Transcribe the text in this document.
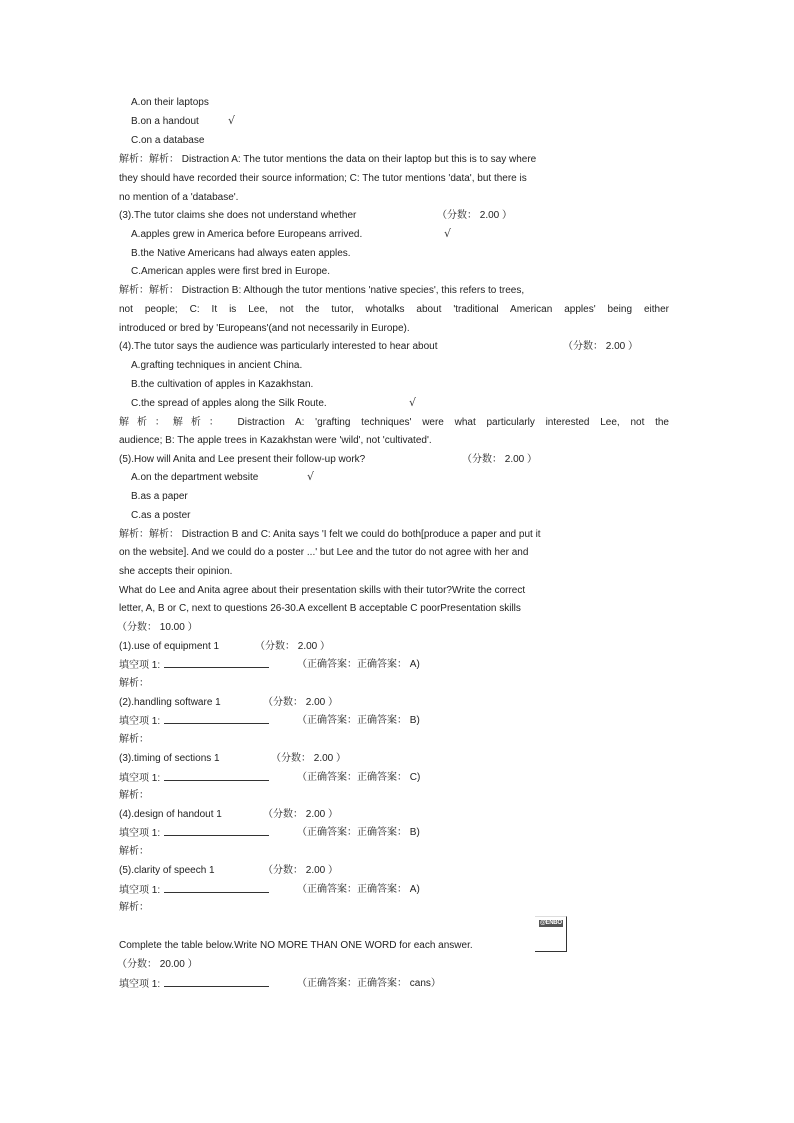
A.on their laptops
B.on a handout	√
C.on a database
解析：解析： Distraction A: The tutor mentions the data on their laptop but this is to say where
they should have recorded their source information; C: The tutor mentions 'data', but there is
no mention of a 'database'.
(3).The tutor claims she does not understand whether	（分数： 2.00 ）
A.apples grew in America before Europeans arrived.	√
B.the Native Americans had always eaten apples.
C.American apples were first bred in Europe.
解析：解析： Distraction B: Although the tutor mentions 'native species', this refers to trees,
not people; C: It is Lee, not the tutor, whotalks about 'traditional American apples' being either
introduced or bred by 'Europeans'(and not necessarily in Europe).
(4).The tutor says the audience was particularly interested to hear about	（分数： 2.00 ）
A.grafting techniques in ancient China.
B.the cultivation of apples in Kazakhstan.
C.the spread of apples along the Silk Route.	√
解析：解析： Distraction A: 'grafting techniques' were what particularly interested Lee, not the
audience; B: The apple trees in Kazakhstan were 'wild', not 'cultivated'.
(5).How will Anita and Lee present their follow-up work?	（分数： 2.00 ）
A.on the department website	√
B.as a paper
C.as a poster
解析：解析： Distraction B and C: Anita says 'I felt we could do both[produce a paper and put it
on the website]. And we could do a poster ...' but Lee and the tutor do not agree with her and
she accepts their opinion.
What do Lee and Anita agree about their presentation skills with their tutor?Write the correct
letter, A, B or C, next to questions 26-30.A excellent B acceptable C poorPresentation skills
（分数： 10.00 ）
(1).use of equipment 1	（分数： 2.00 ）
填空项 1:	（正确答案：正确答案： A)
解析：
(2).handling software 1	（分数： 2.00 ）
填空项 1:	（正确答案：正确答案： B)
解析：
(3).timing of sections 1	（分数： 2.00 ）
填空项 1:	（正确答案：正确答案： C)
解析：
(4).design of handout 1	（分数： 2.00 ）
填空项 1:	（正确答案：正确答案： B)
解析：
(5).clarity of speech 1	（分数： 2.00 ）
填空项 1:	（正确答案：正确答案： A)
解析：
@ENBO
Complete the table below.Write NO MORE THAN ONE WORD for each answer.
（分数： 20.00 ）
填空项 1:	（正确答案：正确答案： cans）
